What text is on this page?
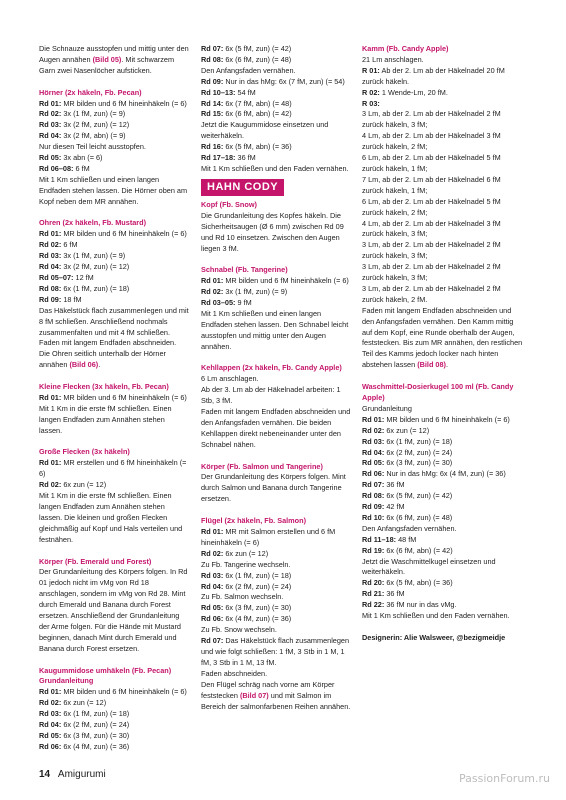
Die Schnauze ausstopfen und mittig unter den Augen annähen (Bild 05). Mit schwarzem Garn zwei Nasenlöcher aufsticken.

Hörner (2x häkeln, Fb. Pecan)

Rd 01: MR bilden und 6 fM hineinhäkeln (= 6)

Rd 02: 3x (1 fM, zun) (= 9)

Rd 03: 3x (2 fM, zun) (= 12)

Rd 04: 3x (2 fM, abn) (= 9)

Nur diesen Teil leicht ausstopfen.

Rd 05: 3x abn (= 6)

Rd 06–08: 6 fM

Mit 1 Km schließen und einen langen Endfaden stehen lassen. Die Hörner oben am Kopf neben dem MR annähen.

Ohren (2x häkeln, Fb. Mustard)

Rd 01: MR bilden und 6 fM hineinhäkeln (= 6)

Rd 02: 6 fM

Rd 03: 3x (1 fM, zun) (= 9)

Rd 04: 3x (2 fM, zun) (= 12)

Rd 05–07: 12 fM

Rd 08: 6x (1 fM, zun) (= 18)

Rd 09: 18 fM

Das Häkelstück flach zusammenlegen und mit 8 fM schließen. Anschließend nochmals zusammenfalten und mit 4 fM schließen. Faden mit langem Endfaden abschneiden. Die Ohren seitlich unterhalb der Hörner annähen (Bild 06).

Kleine Flecken (3x häkeln, Fb. Pecan)

Rd 01: MR bilden und 6 fM hineinhäkeln (= 6)

Mit 1 Km in die erste fM schließen. Einen langen Endfaden zum Annähen stehen lassen.

Große Flecken (3x häkeln)

Rd 01: MR erstellen und 6 fM hineinhäkeln (= 6)

Rd 02: 6x zun (= 12)

Mit 1 Km in die erste fM schließen. Einen langen Endfaden zum Annähen stehen lassen. Die kleinen und großen Flecken gleichmäßig auf Kopf und Hals verteilen und festnähen.

Körper (Fb. Emerald und Forest)

Der Grundanleitung des Körpers folgen. In Rd 01 jedoch nicht im vMg von Rd 18 anschlagen, sondern im vMg von Rd 28. Mint durch Emerald und Banana durch Forest ersetzen. Anschließend der Grundanleitung der Arme folgen. Für die Hände mit Mustard beginnen, danach Mint durch Emerald und Banana durch Forest ersetzen.

Kaugummidose umhäkeln (Fb. Pecan) Grundanleitung

Rd 01: MR bilden und 6 fM hineinhäkeln (= 6)

Rd 02: 6x zun (= 12)

Rd 03: 6x (1 fM, zun) (= 18)

Rd 04: 6x (2 fM, zun) (= 24)

Rd 05: 6x (3 fM, zun) (= 30)

Rd 06: 6x (4 fM, zun) (= 36)

Rd 07: 6x (5 fM, zun) (= 42)

Rd 08: 6x (6 fM, zun) (= 48)

Den Anfangsfaden vernähen.

Rd 09: Nur in das hMg: 6x (7 fM, zun) (= 54)

Rd 10–13: 54 fM

Rd 14: 6x (7 fM, abn) (= 48)

Rd 15: 6x (6 fM, abn) (= 42)

Jetzt die Kaugummidose einsetzen und weiterhäkeln.

Rd 16: 6x (5 fM, abn) (= 36)

Rd 17–18: 36 fM

Mit 1 Km schließen und den Faden vernähen.

HAHN CODY

Kopf (Fb. Snow)

Die Grundanleitung des Kopfes häkeln. Die Sicherheitsaugen (Ø 6 mm) zwischen Rd 09 und Rd 10 einsetzen. Zwischen den Augen liegen 3 fM.

Schnabel (Fb. Tangerine)

Rd 01: MR bilden und 6 fM hineinhäkeln (= 6)

Rd 02: 3x (1 fM, zun) (= 9)

Rd 03–05: 9 fM

Mit 1 Km schließen und einen langen Endfaden stehen lassen. Den Schnabel leicht ausstopfen und mittig unter den Augen annähen.

Kehllappen (2x häkeln, Fb. Candy Apple)

6 Lm anschlagen.

Ab der 3. Lm ab der Häkelnadel arbeiten: 1 Stb, 3 fM.

Faden mit langem Endfaden abschneiden und den Anfangsfaden vernähen. Die beiden Kehllappen direkt nebeneinander unter den Schnabel nähen.

Körper (Fb. Salmon und Tangerine)

Der Grundanleitung des Körpers folgen. Mint durch Salmon und Banana durch Tangerine ersetzen.

Flügel (2x häkeln, Fb. Salmon)

Rd 01: MR mit Salmon erstellen und 6 fM hineinhäkeln (= 6)

Rd 02: 6x zun (= 12)

Zu Fb. Tangerine wechseln.

Rd 03: 6x (1 fM, zun) (= 18)

Rd 04: 6x (2 fM, zun) (= 24)

Zu Fb. Salmon wechseln.

Rd 05: 6x (3 fM, zun) (= 30)

Rd 06: 6x (4 fM, zun) (= 36)

Zu Fb. Snow wechseln.

Rd 07: Das Häkelstück flach zusammenlegen und wie folgt schließen: 1 fM, 3 Stb in 1 M, 1 fM, 3 Stb in 1 M, 13 fM.

Faden abschneiden.

Den Flügel schräg nach vorne am Körper feststecken (Bild 07) und mit Salmon im Bereich der salmonfarbenen Reihen annähen.

Kamm (Fb. Candy Apple)

21 Lm anschlagen.

R 01: Ab der 2. Lm ab der Häkelnadel 20 fM zurück häkeln.

R 02: 1 Wende-Lm, 20 fM.

R 03:

3 Lm, ab der 2. Lm ab der Häkelnadel 2 fM zurück häkeln, 3 fM;

4 Lm, ab der 2. Lm ab der Häkelnadel 3 fM zurück häkeln, 2 fM;

6 Lm, ab der 2. Lm ab der Häkelnadel 5 fM zurück häkeln, 1 fM;

7 Lm, ab der 2. Lm ab der Häkelnadel 6 fM zurück häkeln, 1 fM;

6 Lm, ab der 2. Lm ab der Häkelnadel 5 fM zurück häkeln, 2 fM;

4 Lm, ab der 2. Lm ab der Häkelnadel 3 fM zurück häkeln, 3 fM;

3 Lm, ab der 2. Lm ab der Häkelnadel 2 fM zurück häkeln, 3 fM;

3 Lm, ab der 2. Lm ab der Häkelnadel 2 fM zurück häkeln, 3 fM;

3 Lm, ab der 2. Lm ab der Häkelnadel 2 fM zurück häkeln, 2 fM.

Faden mit langem Endfaden abschneiden und den Anfangsfaden vernähen. Den Kamm mittig auf dem Kopf, eine Runde oberhalb der Augen, feststecken. Bis zum MR annähen, den restlichen Teil des Kamms jedoch locker nach hinten abstehen lassen (Bild 08).

Waschmittel-Dosierkugel 100 ml (Fb. Candy Apple)

Grundanleitung

Rd 01: MR bilden und 6 fM hineinhäkeln (= 6)

Rd 02: 6x zun (= 12)

Rd 03: 6x (1 fM, zun) (= 18)

Rd 04: 6x (2 fM, zun) (= 24)

Rd 05: 6x (3 fM, zun) (= 30)

Rd 06: Nur in das hMg: 6x (4 fM, zun) (= 36)

Rd 07: 36 fM

Rd 08: 6x (5 fM, zun) (= 42)

Rd 09: 42 fM

Rd 10: 6x (6 fM, zun) (= 48)

Den Anfangsfaden vernähen.

Rd 11–18: 48 fM

Rd 19: 6x (6 fM, abn) (= 42)

Jetzt die Waschmittelkugel einsetzen und weiterhäkeln.

Rd 20: 6x (5 fM, abn) (= 36)

Rd 21: 36 fM

Rd 22: 36 fM nur in das vMg.

Mit 1 Km schließen und den Faden vernähen.

Designerin: Alie Walsweer, @bezigmeidje

14 Amigurumi	PassionForum.ru
